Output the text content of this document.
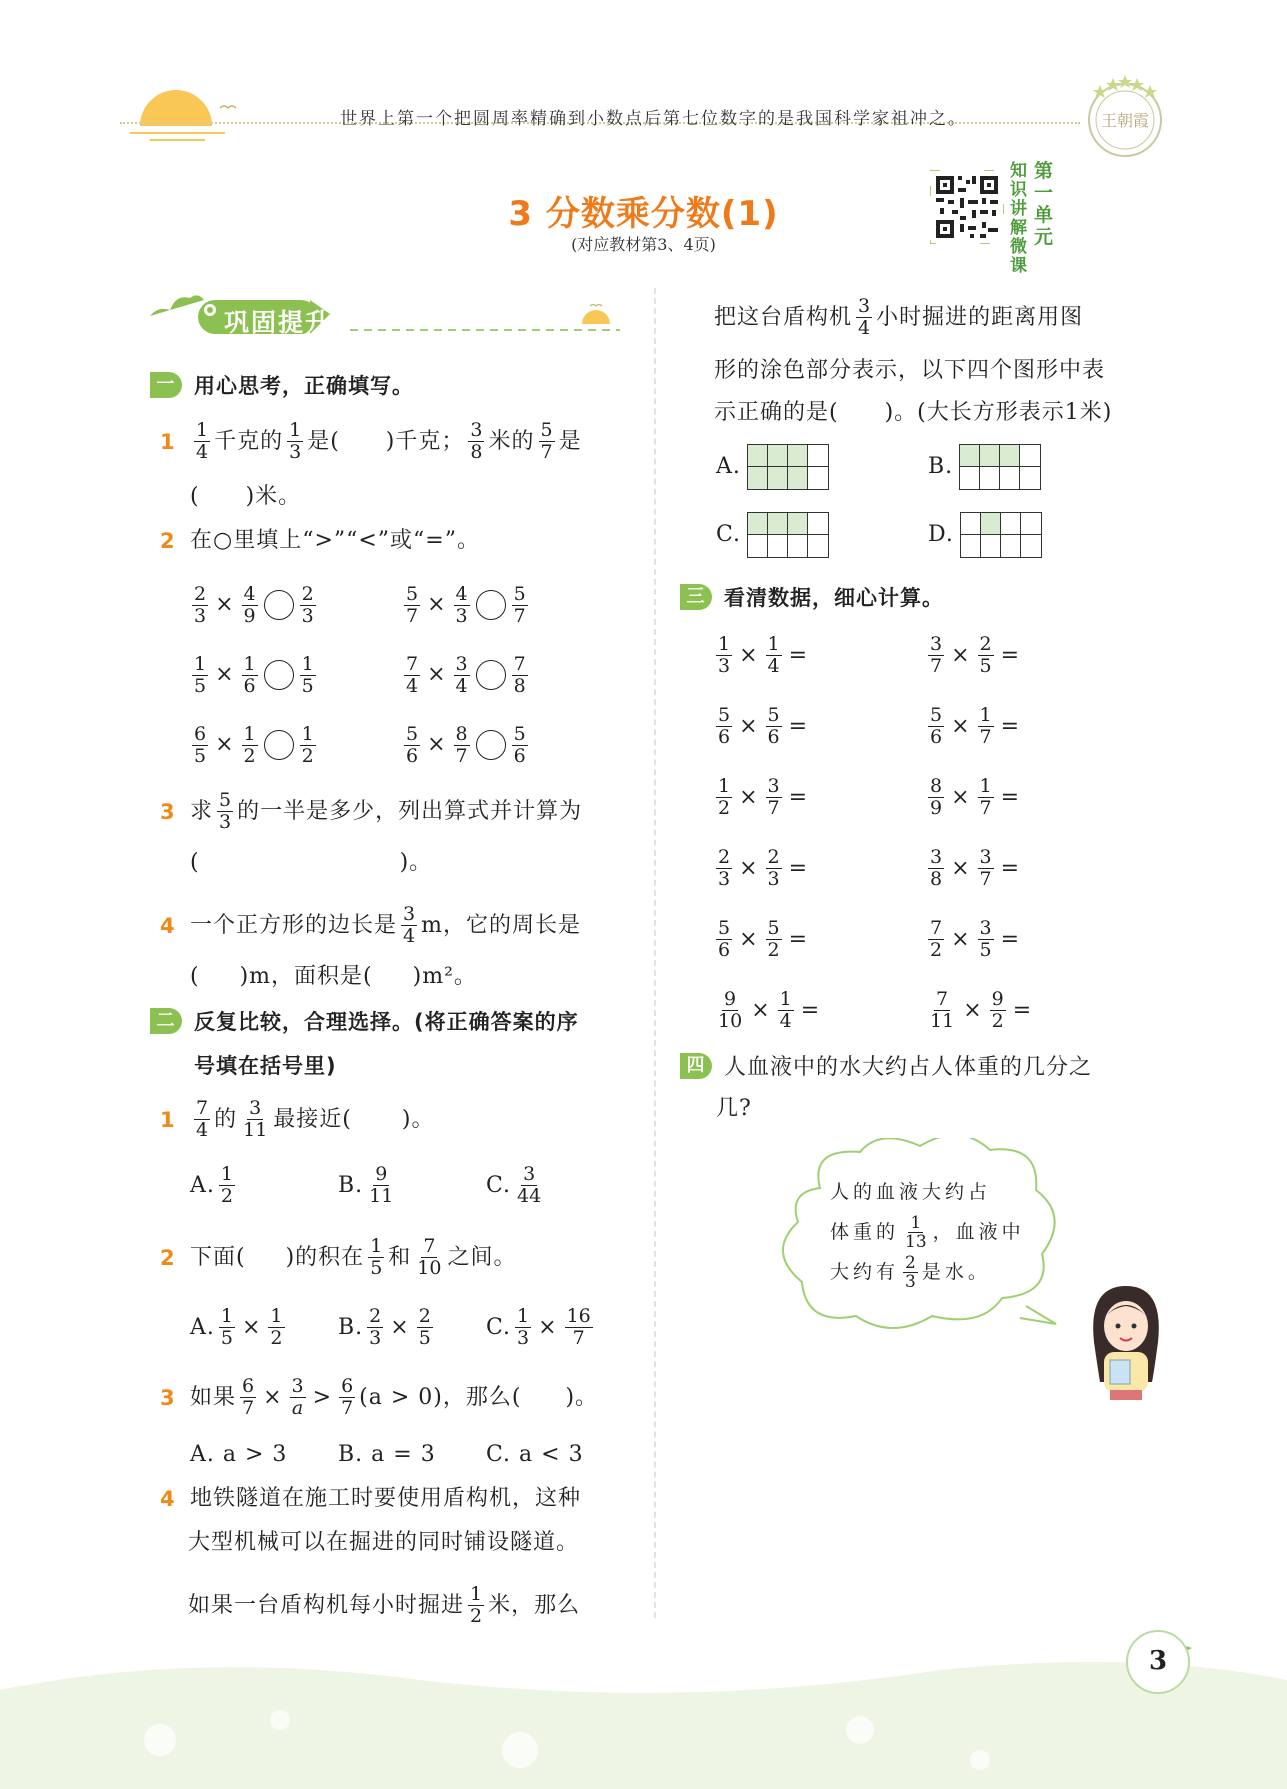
世界上第一个把圆周率精确到小数点后第七位数字的是我国科学家祖冲之。	王朝霞
3 分数乘分数(1)
(对应教材第3、4页)
知识讲解微课
第一单元
巩固提升
一 用心思考，正确填写。
$1 \frac{1}{4}$ 千克的 $\frac{1}{3}$ 是( )千克； $\frac{3}{8}$ 米的 $\frac{5}{7}$ 是
( )米。
2 在○里填上“>”“<”或“=”。
$\frac{2}{3} \times \frac{4}{9} \frac{2}{3}$	$\frac{5}{7} \times \frac{4}{3} \frac{5}{7}$
$\frac{1}{5} \times \frac{1}{6} \frac{1}{5}$	$\frac{7}{4} \times \frac{3}{4} \frac{7}{8}$
$\frac{6}{5} \times \frac{1}{2} \frac{1}{2}$	$\frac{5}{6} \times \frac{8}{7} \frac{5}{6}$
3 求 $\frac{5}{3}$ 的一半是多少，列出算式并计算为
(	)。
4 一个正方形的边长是 $\frac{3}{4}$ m，它的周长是
( )m，面积是( )m²。
二 反复比较，合理选择。(将正确答案的序
号填在括号里)
$1 \frac{7}{4}$ 的 $\frac{3}{11}$ 最接近( )。
A. $\frac{1}{2}$	B. $\frac{9}{11}$	C. $\frac{3}{44}$
2 下面( )的积在 $\frac{1}{5}$ 和 $\frac{7}{10}$ 之间。
A. $\frac{1}{5} \times \frac{1}{2} B$. $\frac{2}{3} \times \frac{2}{5} C$. $\frac{1}{3} \times \frac{16}{7}$
3 如果 $\frac{6}{7} \times \frac{3}{a} > \frac{6}{7} (a > 0)$，那么( )。
A. a > 3	B. a = 3	C. a < 3
4 地铁隧道在施工时要使用盾构机，这种
大型机械可以在掘进的同时铺设隧道。
如果一台盾构机每小时掘进 $\frac{1}{2}$ 米，那么
把这台盾构机 $\frac{3}{4}$ 小时掘进的距离用图
形的涂色部分表示，以下四个图形中表
示正确的是(　　)。(大长方形表示1米)
A.	B.
C.	D.
三 看清数据，细心计算。
$\frac{1}{3} \times \frac{1}{4}$ =	$\frac{3}{7} \times \frac{2}{5}$ =
$\frac{5}{6} \times \frac{5}{6}$ =	$\frac{5}{6} \times \frac{1}{7}$ =
$\frac{1}{2} \times \frac{3}{7}$ =	$\frac{8}{9} \times \frac{1}{7}$ =
$\frac{2}{3} \times \frac{2}{3}$ =	$\frac{3}{8} \times \frac{3}{7}$ =
$\frac{5}{6} \times \frac{5}{2}$ =	$\frac{7}{2} \times \frac{3}{5}$ =
$\frac{9}{10} \times \frac{1}{4}$ =	$\frac{7}{11} \times \frac{9}{2}$ =
四 人血液中的水大约占人体重的几分之
几?
人的血液大约占
体重的 $\frac{1}{13}$ ，血液中
大约有 $\frac{2}{3}$ 是水。
3
